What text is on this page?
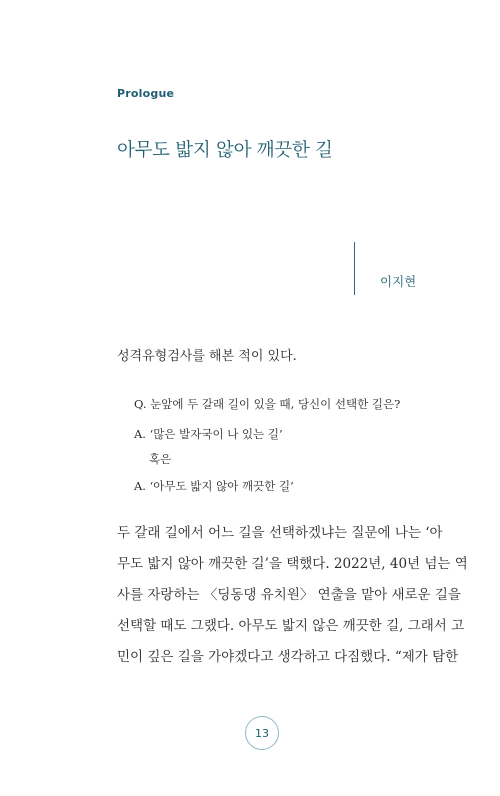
Prologue
아무도 밟지 않아 깨끗한 길
이지현
성격유형검사를 해본 적이 있다.
Q. 눈앞에 두 갈래 길이 있을 때, 당신이 선택한 길은?
A. ‘많은 발자국이 나 있는 길’
혹은
A. ‘아무도 밟지 않아 깨끗한 길’
두 갈래 길에서 어느 길을 선택하겠냐는 질문에 나는 ‘아
무도 밟지 않아 깨끗한 길’을 택했다. 2022년, 40년 넘는 역
사를 자랑하는 〈딩동댕 유치원〉 연출을 맡아 새로운 길을
선택할 때도 그랬다. 아무도 밟지 않은 깨끗한 길, 그래서 고
민이 깊은 길을 가야겠다고 생각하고 다짐했다. “제가 탐한
13
